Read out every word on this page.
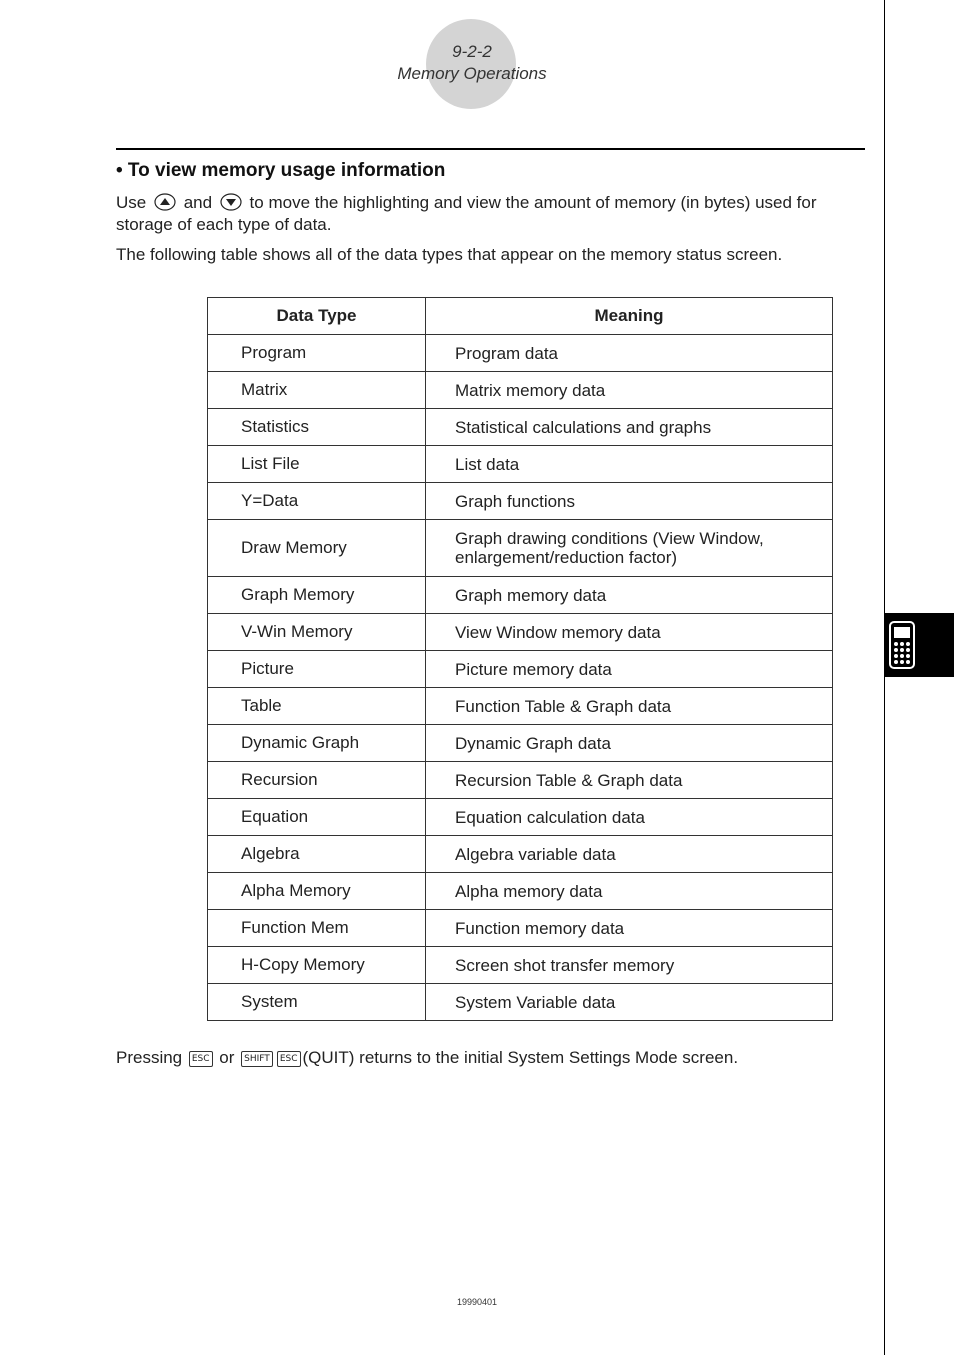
9-2-2
Memory Operations
• To view memory usage information
Use and to move the highlighting and view the amount of memory (in bytes) used for storage of each type of data.
The following table shows all of the data types that appear on the memory status screen.
Data Type	Meaning
Program	Program data
Matrix	Matrix memory data
Statistics	Statistical calculations and graphs
List File	List data
Y=Data	Graph functions
Draw Memory	Graph drawing conditions (View Window, enlargement/reduction factor)
Graph Memory	Graph memory data
V-Win Memory	View Window memory data
Picture	Picture memory data
Table	Function Table & Graph data
Dynamic Graph	Dynamic Graph data
Recursion	Recursion Table & Graph data
Equation	Equation calculation data
Algebra	Algebra variable data
Alpha Memory	Alpha memory data
Function Mem	Function memory data
H-Copy Memory	Screen shot transfer memory
System	System Variable data
Pressing ESC or SHIFT ESC (QUIT) returns to the initial System Settings Mode screen.
19990401
